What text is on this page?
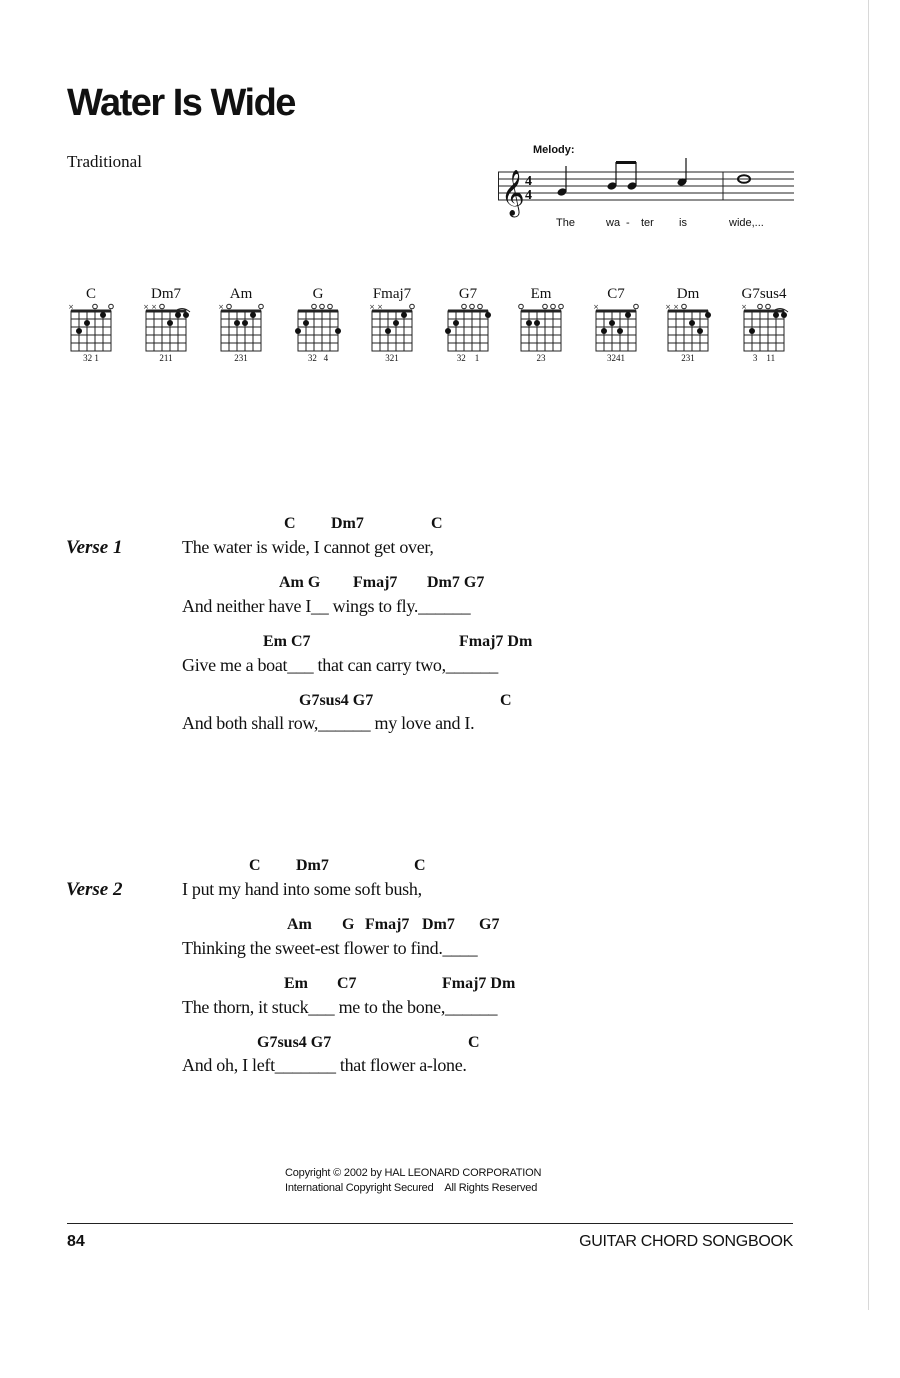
Water Is Wide
Traditional
Melody:
𝄞 4
4
The	wa - ter is	wide,...
C
×
32 1
Dm7
× ×
211
Am
×
231
G
32   4
Fmaj7
× ×
321
G7
32    1
Em
23
C7
×
3241
Dm
× ×
231
G7sus4
×
3    11
Verse 1
C Dm7	C
The water is wide, I cannot get over,
Am G Fmaj7 Dm7 G7
And neither have I__ wings to fly.______
Em C7	Fmaj7 Dm
Give me a boat___ that can carry two,______
G7sus4 G7	C
And both shall row,______ my love and I.
Verse 2
C Dm7	C
I put my hand into some soft bush,
Am G Fmaj7 Dm7 G7
Thinking the sweet-est flower to find.____
Em C7	Fmaj7 Dm
The thorn, it stuck___ me to the bone,______
G7sus4 G7	C
And oh, I left_______ that flower a-lone.
Copyright © 2002 by HAL LEONARD CORPORATION
International Copyright Secured    All Rights Reserved
84	GUITAR CHORD SONGBOOK
